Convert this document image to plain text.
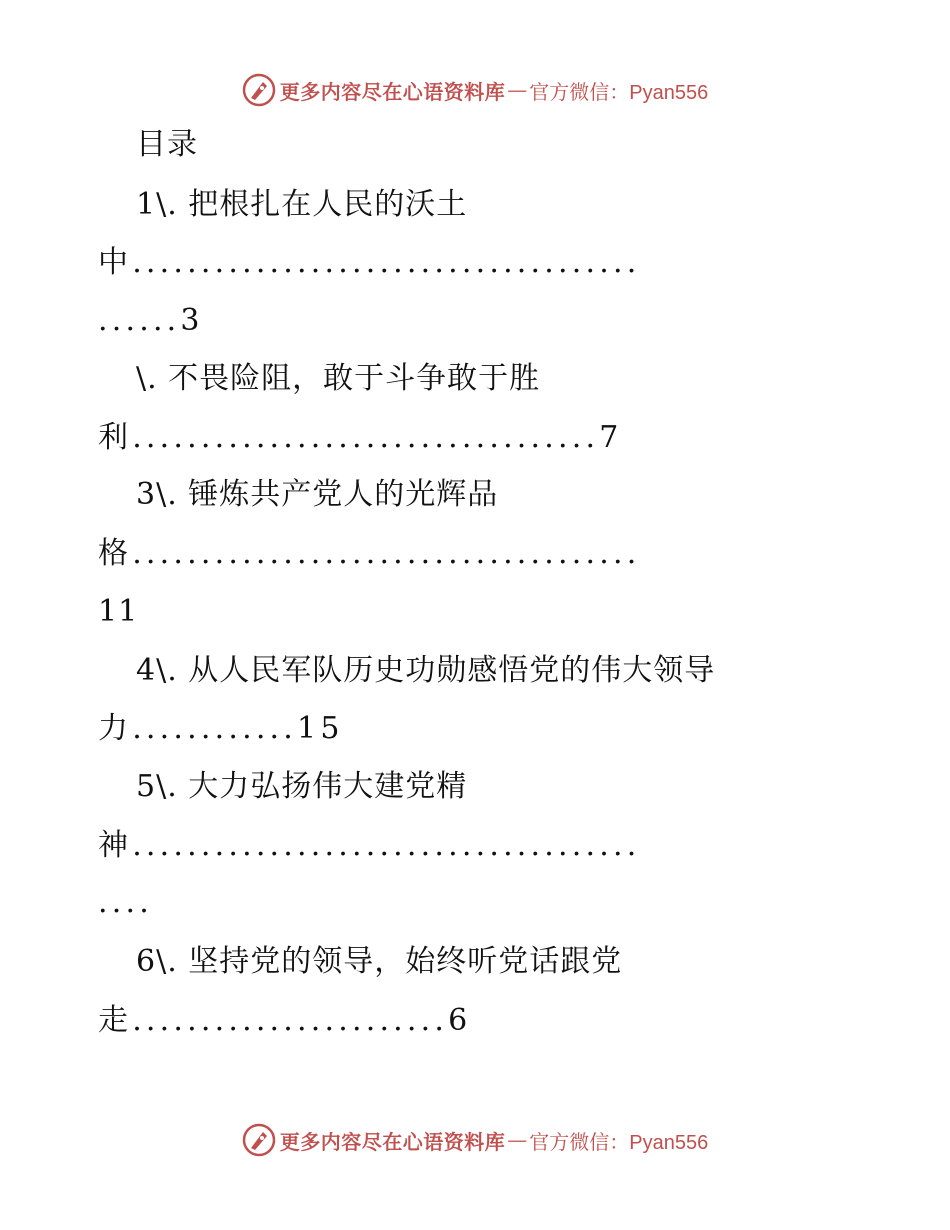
更多内容尽在心语资料库 — 官方微信：Pyan556
目录
1\. 把根扎在人民的沃土
中.....................................
......3
\. 不畏险阻，敢于斗争敢于胜
利..................................7
3\. 锤炼共产党人的光辉品
格.....................................
11
4\. 从人民军队历史功勋感悟党的伟大领导
力............15
5\. 大力弘扬伟大建党精
神.....................................
....
6\. 坚持党的领导，始终听党话跟党
走.......................6
更多内容尽在心语资料库 — 官方微信：Pyan556
